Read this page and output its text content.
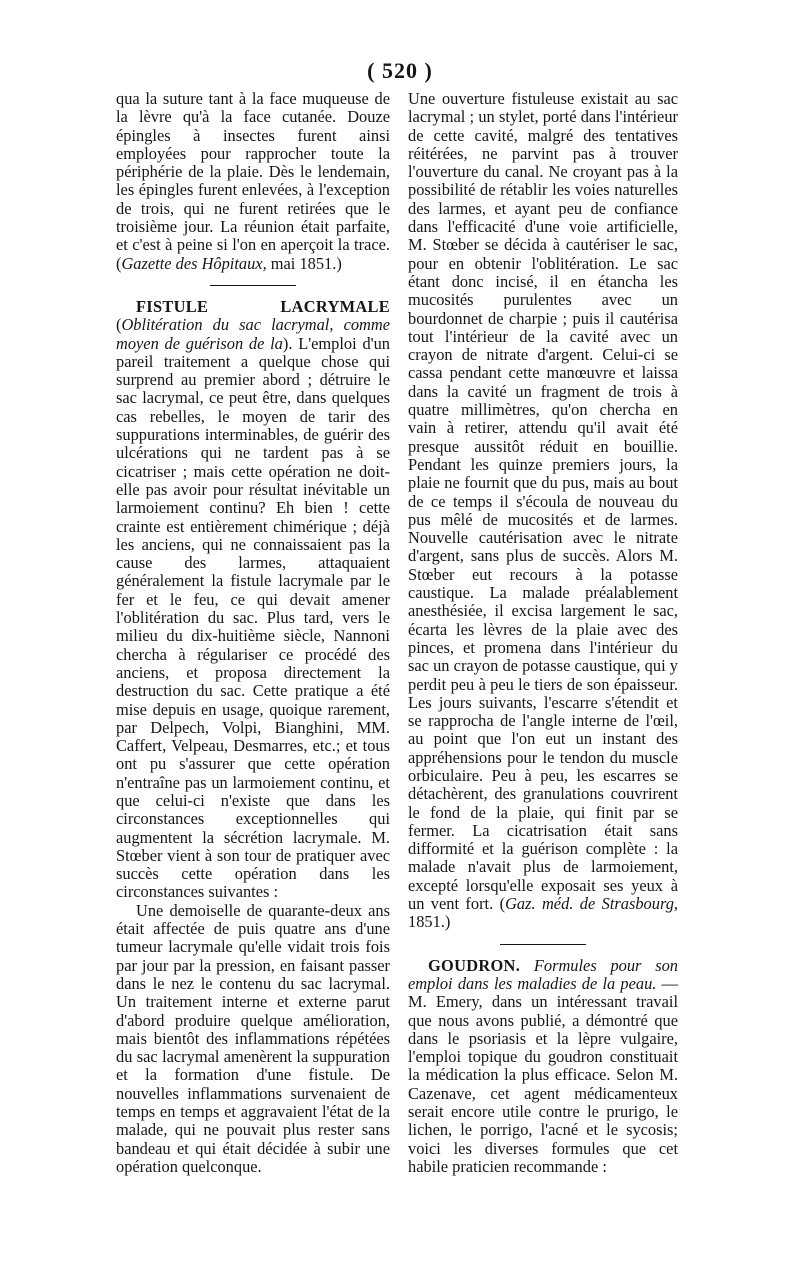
( 520 )

qua la suture tant à la face muqueuse de la lèvre qu'à la face cutanée. Douze épingles à insectes furent ainsi employées pour rapprocher toute la périphérie de la plaie. Dès le lendemain, les épingles furent enlevées, à l'exception de trois, qui ne furent retirées que le troisième jour. La réunion était parfaite, et c'est à peine si l'on en aperçoit la trace. (Gazette des Hôpitaux, mai 1851.)

FISTULE LACRYMALE (Oblitération du sac lacrymal, comme moyen de guérison de la). L'emploi d'un pareil traitement a quelque chose qui surprend au premier abord ; détruire le sac lacrymal, ce peut être, dans quelques cas rebelles, le moyen de tarir des suppurations interminables, de guérir des ulcérations qui ne tardent pas à se cicatriser ; mais cette opération ne doit-elle pas avoir pour résultat inévitable un larmoiement continu? Eh bien ! cette crainte est entièrement chimérique ; déjà les anciens, qui ne connaissaient pas la cause des larmes, attaquaient généralement la fistule lacrymale par le fer et le feu, ce qui devait amener l'oblitération du sac. Plus tard, vers le milieu du dix-huitième siècle, Nannoni chercha à régulariser ce procédé des anciens, et proposa directement la destruction du sac. Cette pratique a été mise depuis en usage, quoique rarement, par Delpech, Volpi, Bianghini, MM. Caffert, Velpeau, Desmarres, etc.; et tous ont pu s'assurer que cette opération n'entraîne pas un larmoiement continu, et que celui-ci n'existe que dans les circonstances exceptionnelles qui augmentent la sécrétion lacrymale. M. Stœber vient à son tour de pratiquer avec succès cette opération dans les circonstances suivantes :

Une demoiselle de quarante-deux ans était affectée de puis quatre ans d'une tumeur lacrymale qu'elle vidait trois fois par jour par la pression, en faisant passer dans le nez le contenu du sac lacrymal. Un traitement interne et externe parut d'abord produire quelque amélioration, mais bientôt des inflammations répétées du sac lacrymal amenèrent la suppuration et la formation d'une fistule. De nouvelles inflammations survenaient de temps en temps et aggravaient l'état de la malade, qui ne pouvait plus rester sans bandeau et qui était décidée à subir une opération quelconque.

Une ouverture fistuleuse existait au sac lacrymal ; un stylet, porté dans l'intérieur de cette cavité, malgré des tentatives réitérées, ne parvint pas à trouver l'ouverture du canal. Ne croyant pas à la possibilité de rétablir les voies naturelles des larmes, et ayant peu de confiance dans l'efficacité d'une voie artificielle, M. Stœber se décida à cautériser le sac, pour en obtenir l'oblitération. Le sac étant donc incisé, il en étancha les mucosités purulentes avec un bourdonnet de charpie ; puis il cautérisa tout l'intérieur de la cavité avec un crayon de nitrate d'argent. Celui-ci se cassa pendant cette manœuvre et laissa dans la cavité un fragment de trois à quatre millimètres, qu'on chercha en vain à retirer, attendu qu'il avait été presque aussitôt réduit en bouillie. Pendant les quinze premiers jours, la plaie ne fournit que du pus, mais au bout de ce temps il s'écoula de nouveau du pus mêlé de mucosités et de larmes. Nouvelle cautérisation avec le nitrate d'argent, sans plus de succès. Alors M. Stœber eut recours à la potasse caustique. La malade préalablement anesthésiée, il excisa largement le sac, écarta les lèvres de la plaie avec des pinces, et promena dans l'intérieur du sac un crayon de potasse caustique, qui y perdit peu à peu le tiers de son épaisseur. Les jours suivants, l'escarre s'étendit et se rapprocha de l'angle interne de l'œil, au point que l'on eut un instant des appréhensions pour le tendon du muscle orbiculaire. Peu à peu, les escarres se détachèrent, des granulations couvrirent le fond de la plaie, qui finit par se fermer. La cicatrisation était sans difformité et la guérison complète : la malade n'avait plus de larmoiement, excepté lorsqu'elle exposait ses yeux à un vent fort. (Gaz. méd. de Strasbourg, 1851.)

GOUDRON. Formules pour son emploi dans les maladies de la peau. — M. Emery, dans un intéressant travail que nous avons publié, a démontré que dans le psoriasis et la lèpre vulgaire, l'emploi topique du goudron constituait la médication la plus efficace. Selon M. Cazenave, cet agent médicamenteux serait encore utile contre le prurigo, le lichen, le porrigo, l'acné et le sycosis; voici les diverses formules que cet habile praticien recommande :
